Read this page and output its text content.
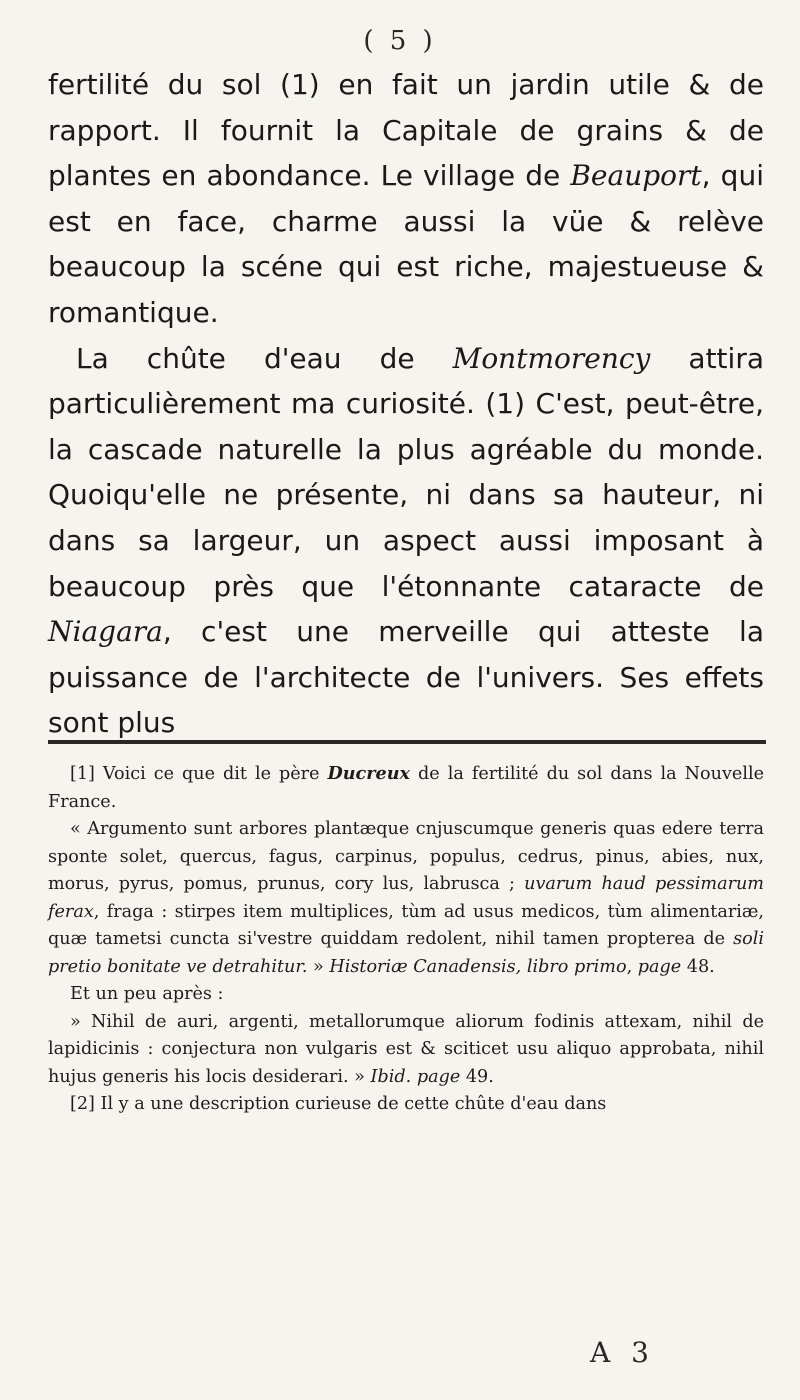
( 5 )

fertilité du sol (1) en fait un jardin utile & de rapport. Il fournit la Capitale de grains & de plantes en abondance. Le village de Beauport, qui est en face, charme aussi la vüe & relève beaucoup la scéne qui est riche, majestueuse & romantique.

La chûte d'eau de Montmorency attira particulièrement ma curiosité. (1) C'est, peut-être, la cascade naturelle la plus agréable du monde. Quoiqu'elle ne présente, ni dans sa hauteur, ni dans sa largeur, un aspect aussi imposant à beaucoup près que l'étonnante cataracte de Niagara, c'est une merveille qui atteste la puissance de l'architecte de l'univers. Ses effets sont plus

[1] Voici ce que dit le père Ducreux de la fertilité du sol dans la Nouvelle France.

« Argumento sunt arbores plantæque cnjuscumque generis quas edere terra sponte solet, quercus, fagus, carpinus, populus, cedrus, pinus, abies, nux, morus, pyrus, pomus, prunus, cory lus, labrusca ; uvarum haud pessimarum ferax, fraga : stirpes item multiplices, tùm ad usus medicos, tùm alimentariæ, quæ tametsi cuncta si'vestre quiddam redolent, nihil tamen propterea de soli pretio bonitate ve detrahitur. » Historiæ Canadensis, libro primo, page 48.

Et un peu après :

» Nihil de auri, argenti, metallorumque aliorum fodinis attexam, nihil de lapidicinis : conjectura non vulgaris est & sciticet usu aliquo approbata, nihil hujus generis his locis desiderari. » Ibid. page 49.

[2] Il y a une description curieuse de cette chûte d'eau dans

A 3
